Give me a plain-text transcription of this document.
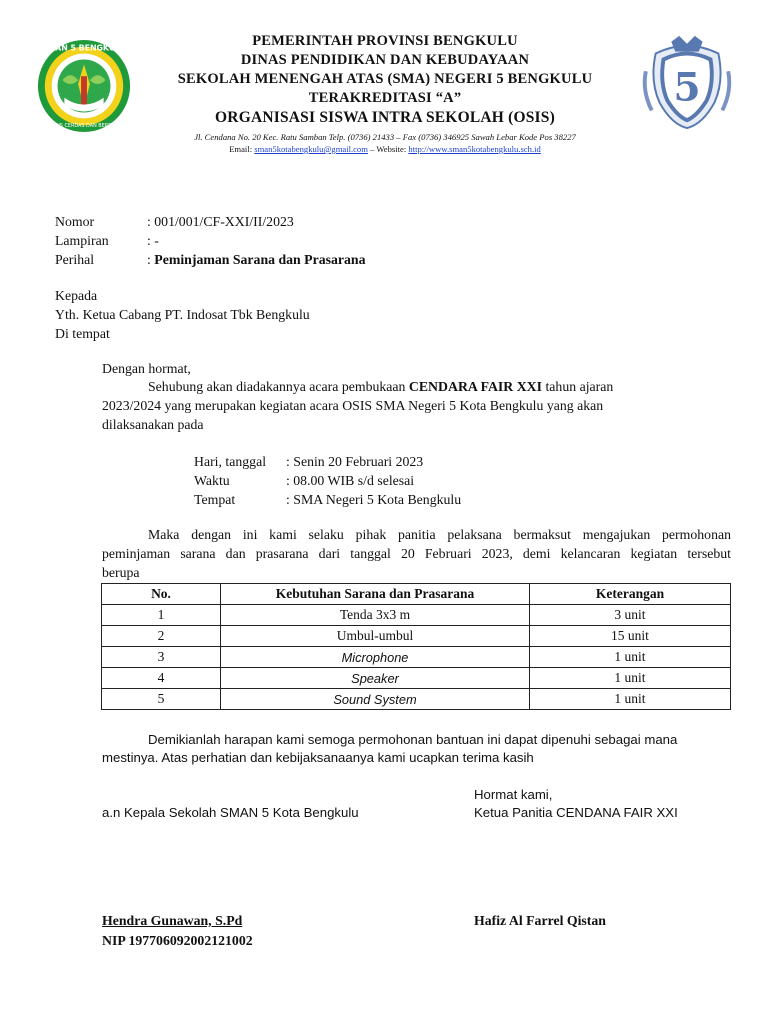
SMAN 5 BENGKULU
RELIGIUS CERDAS DAN BERBUDAYA
5
PEMERINTAH PROVINSI BENGKULU
DINAS PENDIDIKAN DAN KEBUDAYAAN
SEKOLAH MENENGAH ATAS (SMA) NEGERI 5 BENGKULU
TERAKREDITASI “A”
ORGANISASI SISWA INTRA SEKOLAH (OSIS)
Jl. Cendana No. 20 Kec. Ratu Samban Telp. (0736) 21433 – Fax (0736) 346925 Sawah Lebar Kode Pos 38227
Email: sman5kotabengkulu@gmail.com – Website: http://www.sman5kotabengkulu.sch.id
Nomor	: 001/001/CF-XXI/II/2023
Lampiran	: -
Perihal	: Peminjaman Sarana dan Prasarana
Kepada
Yth. Ketua Cabang PT. Indosat Tbk Bengkulu
Di tempat
Dengan hormat,
Sehubung akan diadakannya acara pembukaan CENDARA FAIR XXI tahun ajaran
2023/2024 yang merupakan kegiatan acara OSIS SMA Negeri 5 Kota Bengkulu yang akan
dilaksanakan pada
Hari, tanggal	: Senin 20 Februari 2023
Waktu	: 08.00 WIB s/d selesai
Tempat	: SMA Negeri 5 Kota Bengkulu
Maka dengan ini kami selaku pihak panitia pelaksana bermaksut mengajukan permohonan
peminjaman sarana dan prasarana dari tanggal 20 Februari 2023, demi kelancaran kegiatan tersebut
berupa
No.	Kebutuhan Sarana dan Prasarana	Keterangan
1	Tenda 3x3 m	3 unit
2	Umbul-umbul	15 unit
3	Microphone	1 unit
4	Speaker	1 unit
5	Sound System	1 unit
Demikianlah harapan kami semoga permohonan bantuan ini dapat dipenuhi sebagai mana
mestinya. Atas perhatian dan kebijaksanaanya kami ucapkan terima kasih
Hormat kami,
a.n Kepala Sekolah SMAN 5 Kota Bengkulu	Ketua Panitia CENDANA FAIR XXI
Hendra Gunawan, S.Pd
NIP 197706092002121002
Hafiz Al Farrel Qistan
